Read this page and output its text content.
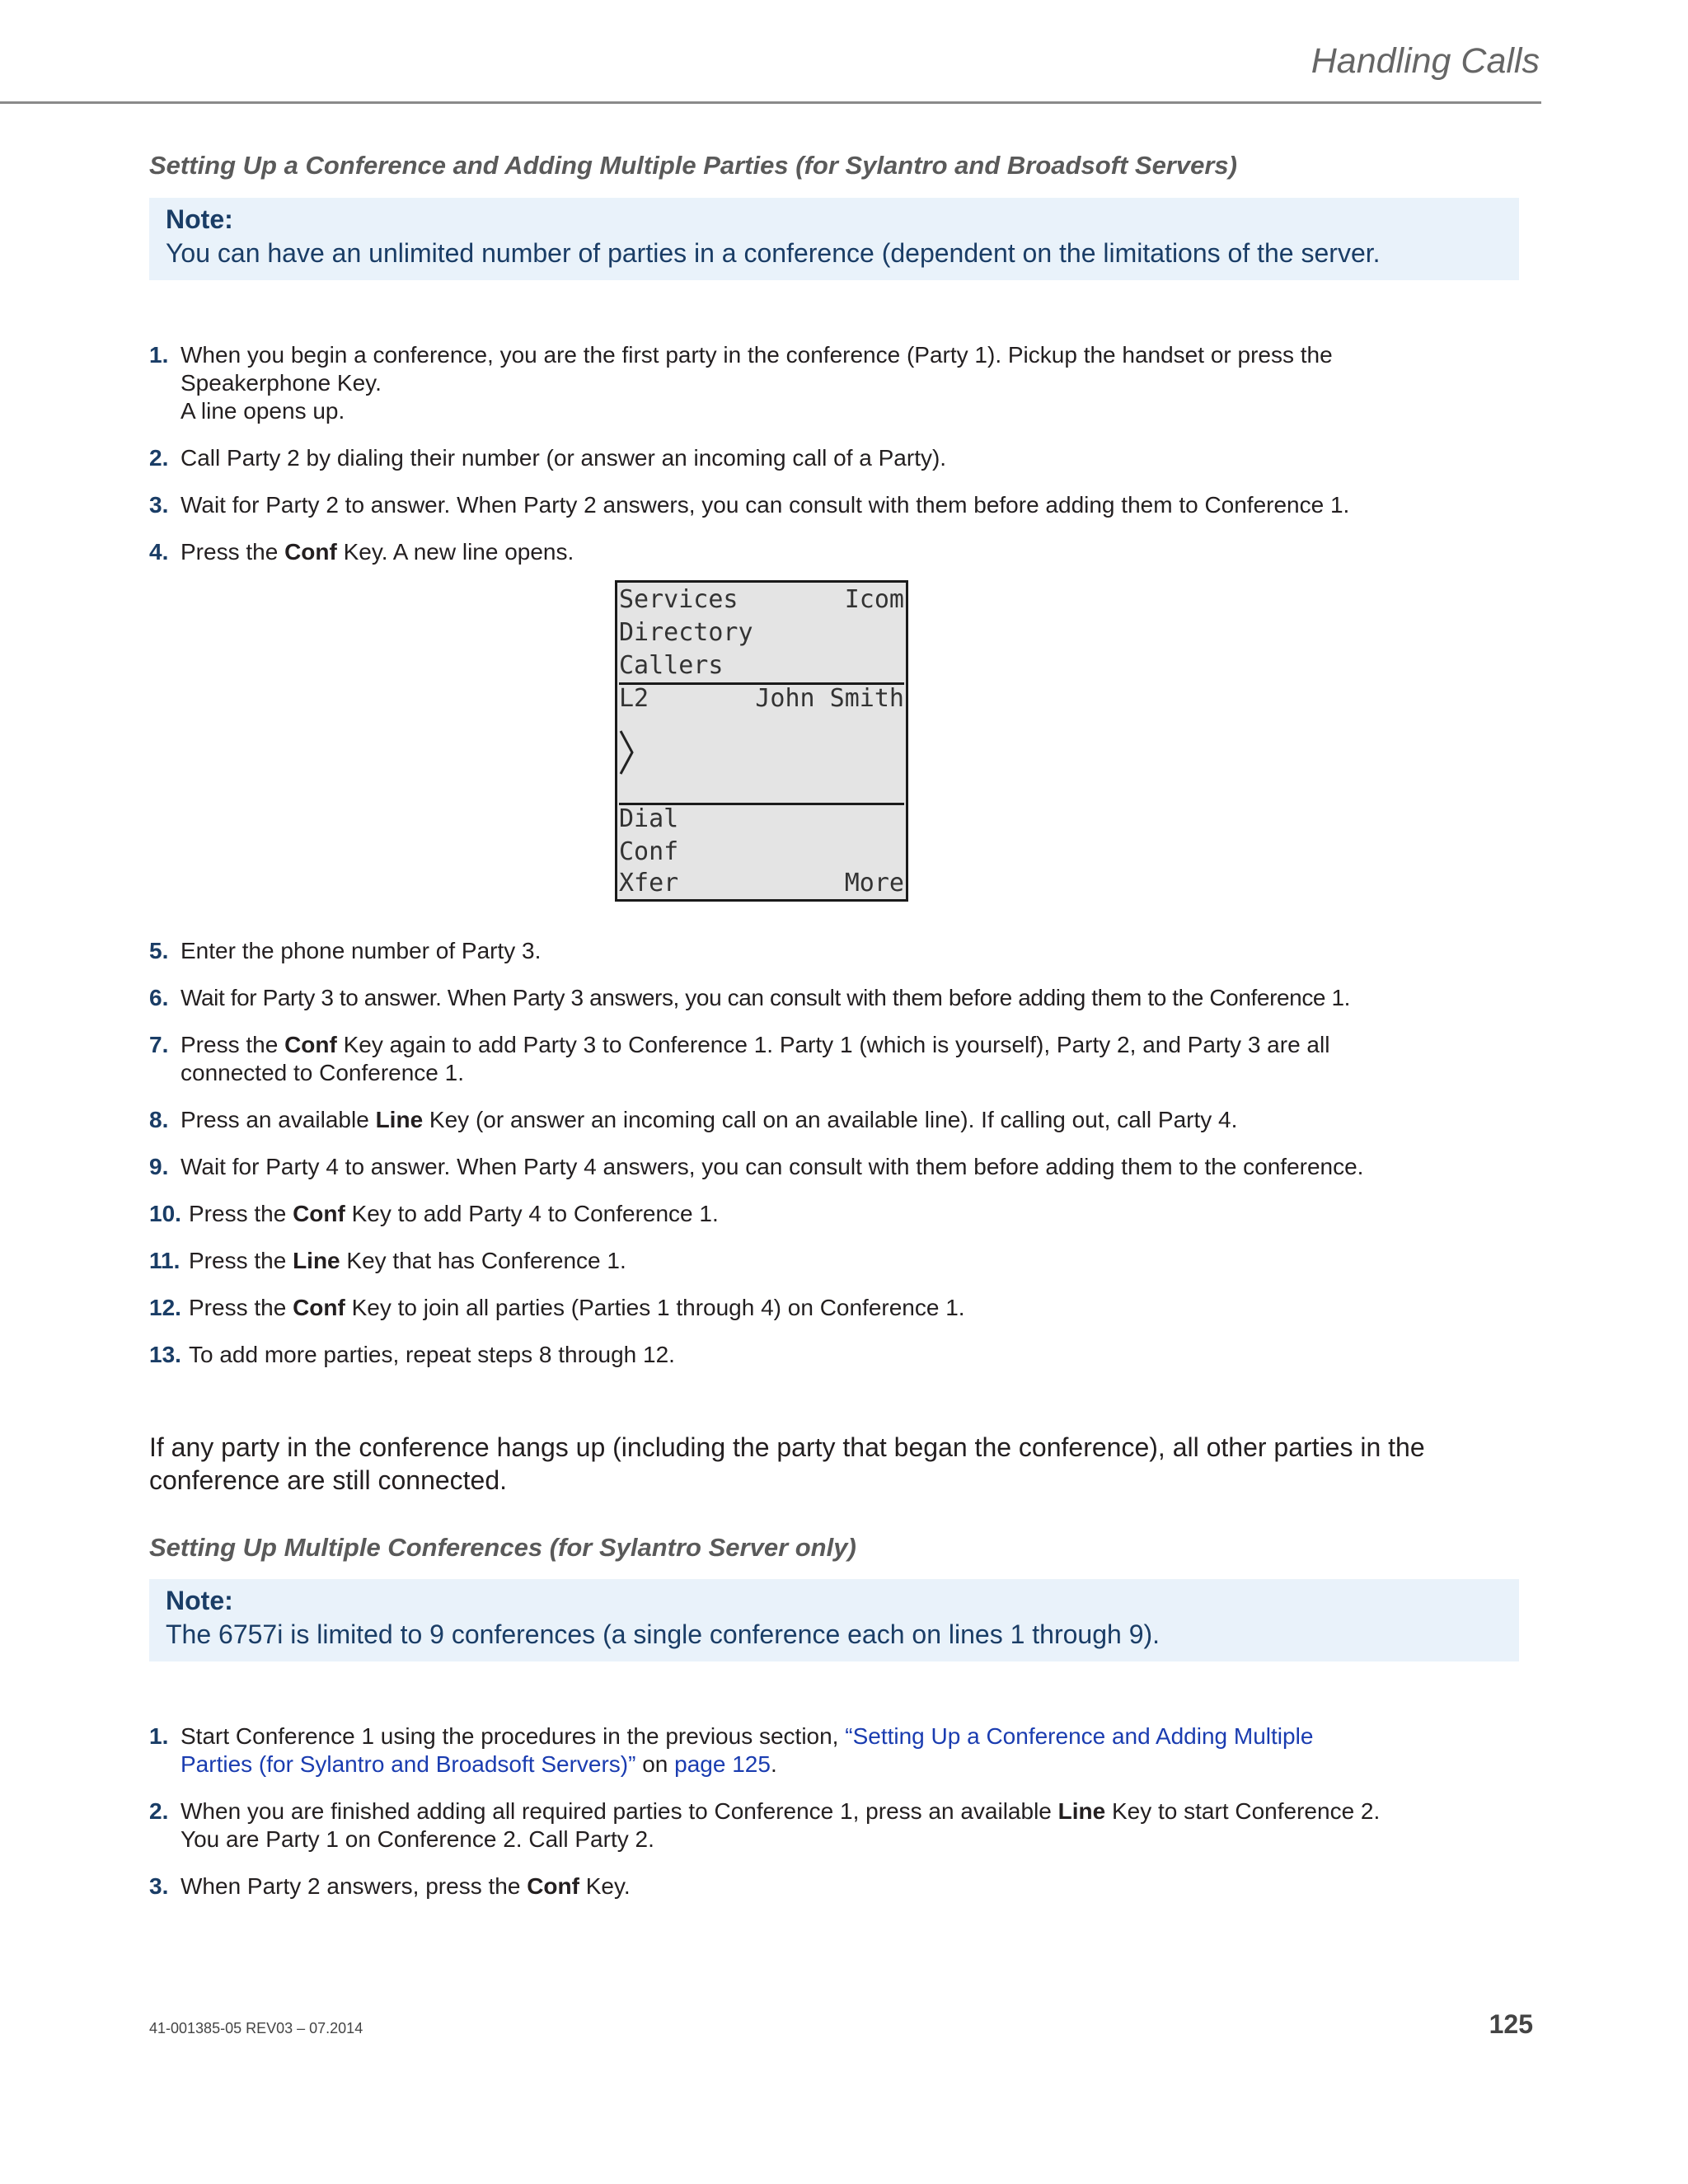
Handling Calls
Setting Up a Conference and Adding Multiple Parties (for Sylantro and Broadsoft Servers)
Note:
You can have an unlimited number of parties in a conference (dependent on the limitations of the server.
1. When you begin a conference, you are the first party in the conference (Party 1). Pickup the handset or press the
Speakerphone Key.
A line opens up.
2. Call Party 2 by dialing their number (or answer an incoming call of a Party).
3. Wait for Party 2 to answer. When Party 2 answers, you can consult with them before adding them to Conference 1.
4. Press the Conf Key. A new line opens.
Services	Icom
Directory
Callers
L2	John Smith
Dial
Conf
Xfer	More
5. Enter the phone number of Party 3.
6. Wait for Party 3 to answer. When Party 3 answers, you can consult with them before adding them to the Conference 1.
7. Press the Conf Key again to add Party 3 to Conference 1. Party 1 (which is yourself), Party 2, and Party 3 are all
connected to Conference 1.
8. Press an available Line Key (or answer an incoming call on an available line). If calling out, call Party 4.
9. Wait for Party 4 to answer. When Party 4 answers, you can consult with them before adding them to the conference.
10. Press the Conf Key to add Party 4 to Conference 1.
11. Press the Line Key that has Conference 1.
12. Press the Conf Key to join all parties (Parties 1 through 4) on Conference 1.
13. To add more parties, repeat steps 8 through 12.
If any party in the conference hangs up (including the party that began the conference), all other parties in the conference are still connected.
Setting Up Multiple Conferences (for Sylantro Server only)
Note:
The 6757i is limited to 9 conferences (a single conference each on lines 1 through 9).
1. Start Conference 1 using the procedures in the previous section, “Setting Up a Conference and Adding Multiple
Parties (for Sylantro and Broadsoft Servers)” on page 125.
2. When you are finished adding all required parties to Conference 1, press an available Line Key to start Conference 2.
You are Party 1 on Conference 2. Call Party 2.
3. When Party 2 answers, press the Conf Key.
41-001385-05 REV03 – 07.2014	125
